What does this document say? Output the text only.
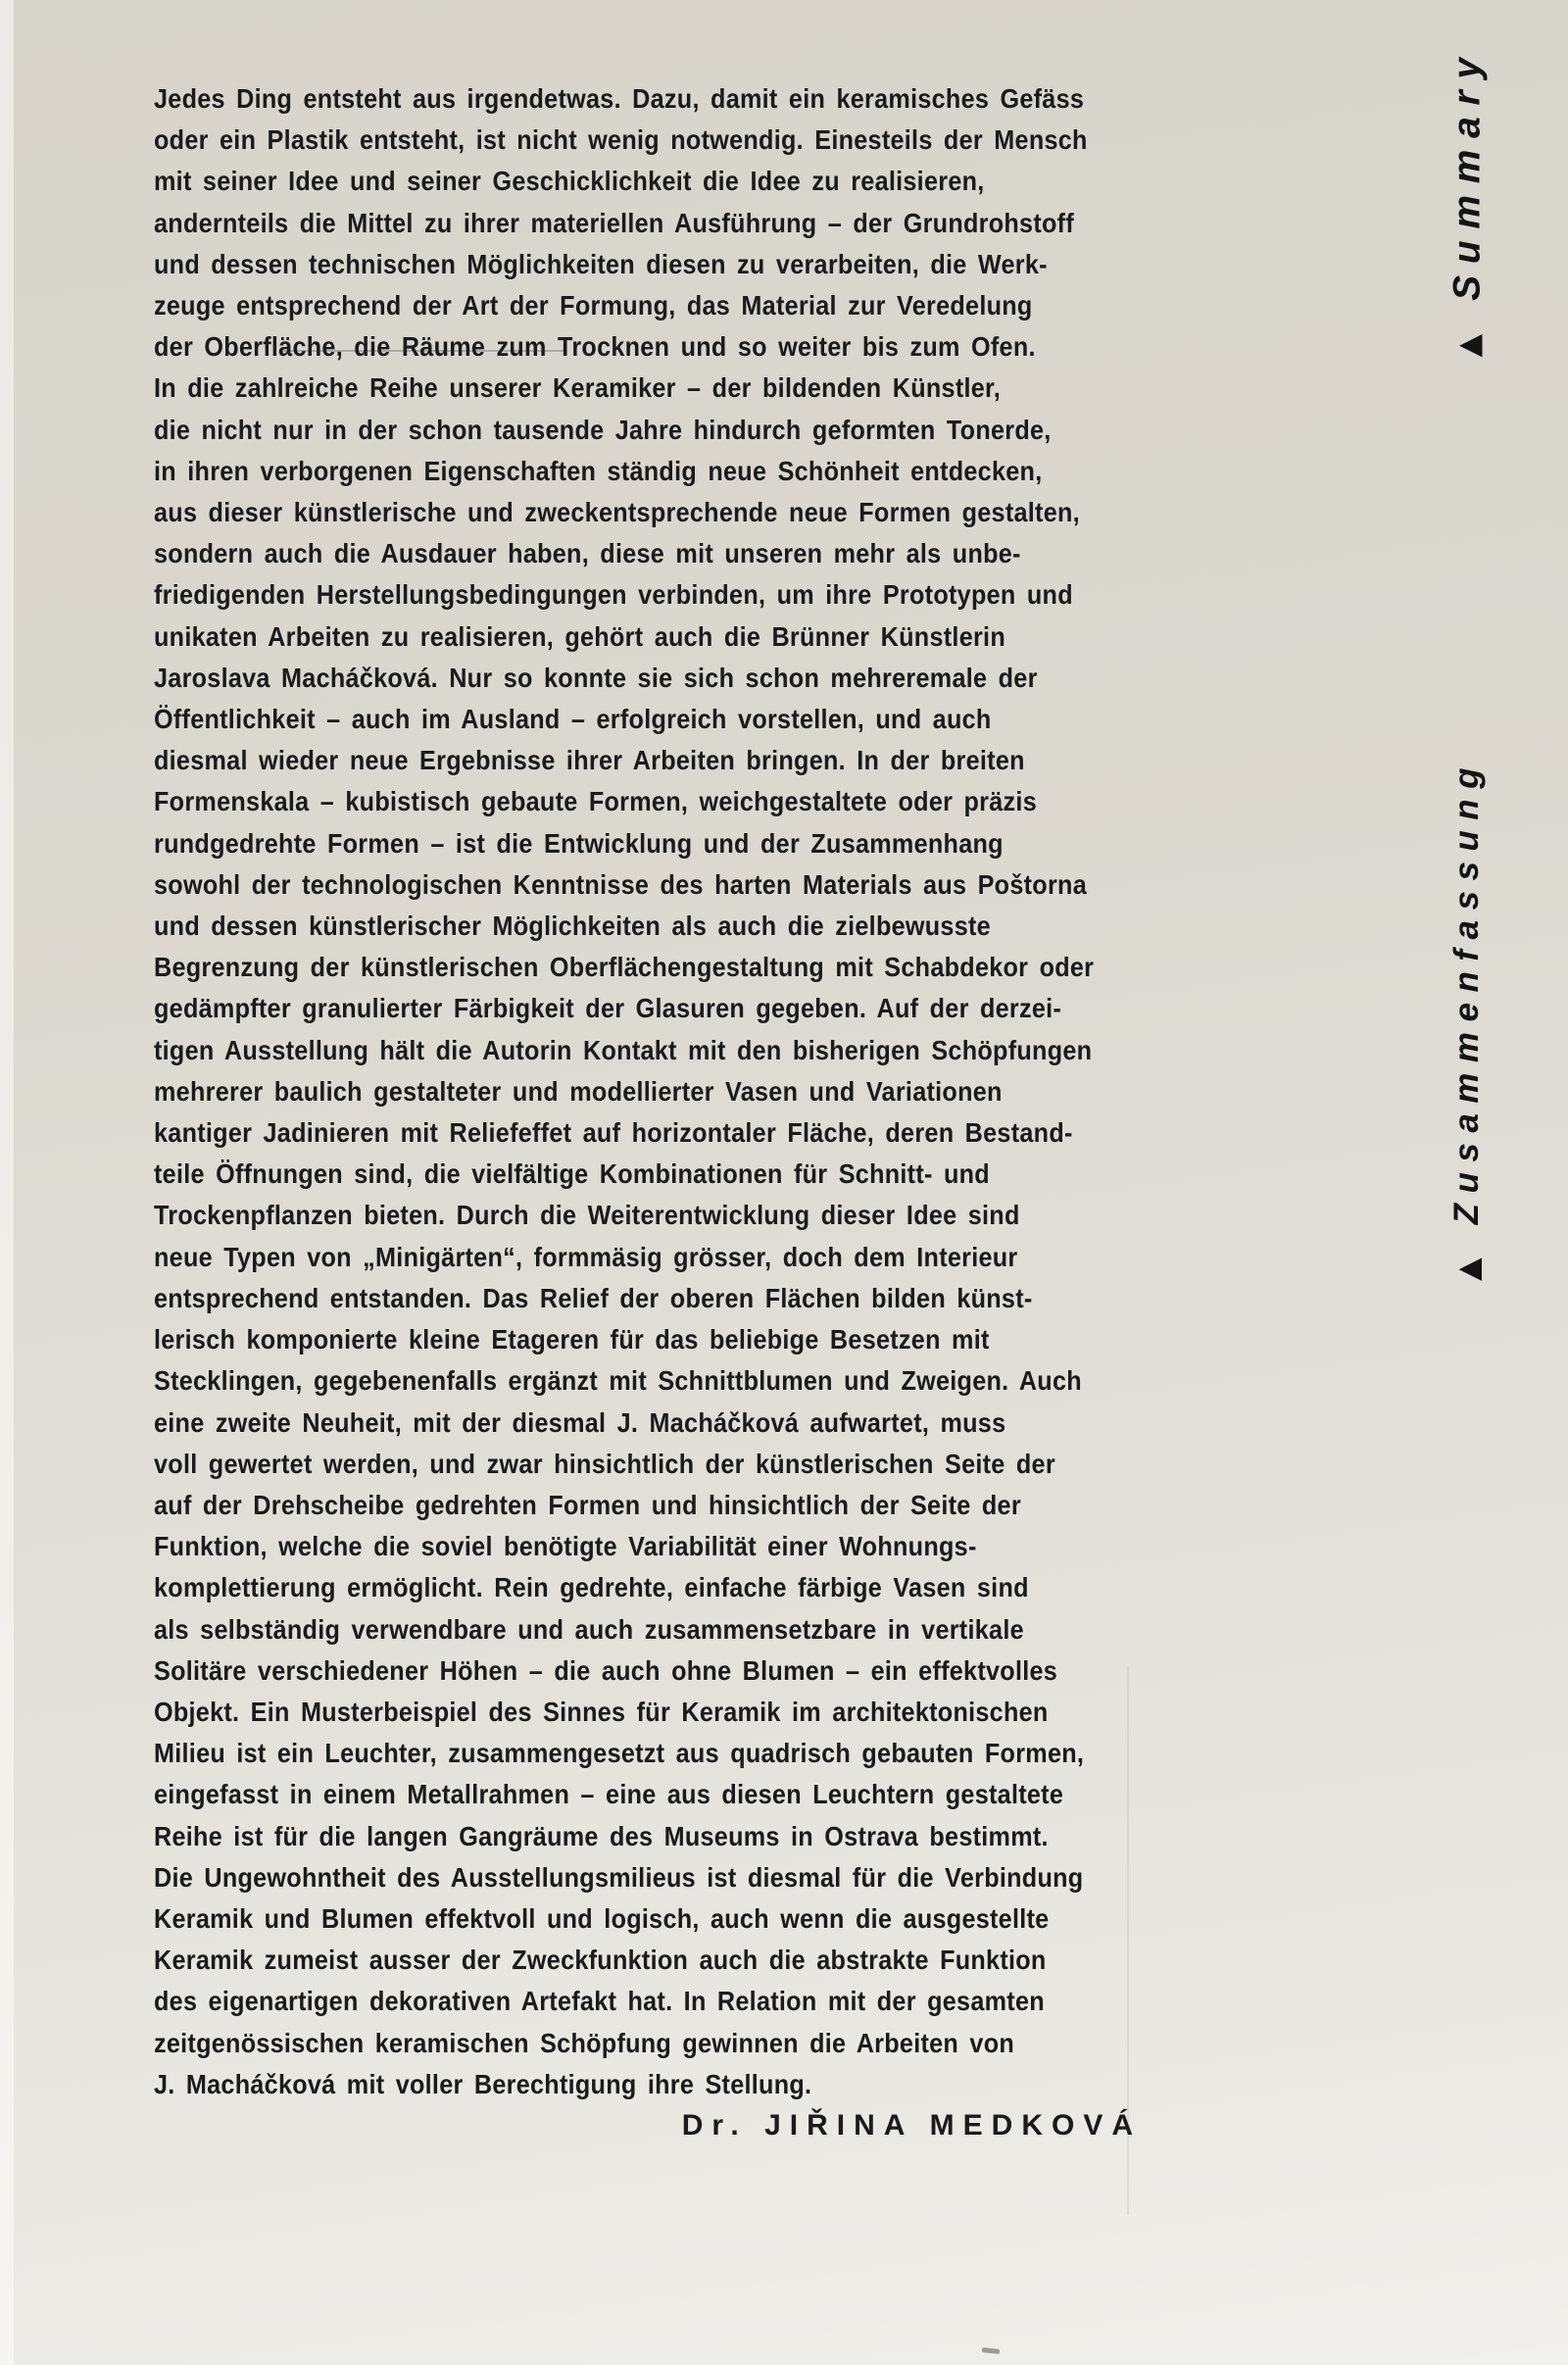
Jedes Ding entsteht aus irgendetwas. Dazu, damit ein keramisches Gefäss
oder ein Plastik entsteht, ist nicht wenig notwendig. Einesteils der Mensch
mit seiner Idee und seiner Geschicklichkeit die Idee zu realisieren,
andernteils die Mittel zu ihrer materiellen Ausführung – der Grundrohstoff
und dessen technischen Möglichkeiten diesen zu verarbeiten, die Werk-
zeuge entsprechend der Art der Formung, das Material zur Veredelung
der Oberfläche, die Räume zum Trocknen und so weiter bis zum Ofen.
In die zahlreiche Reihe unserer Keramiker – der bildenden Künstler,
die nicht nur in der schon tausende Jahre hindurch geformten Tonerde,
in ihren verborgenen Eigenschaften ständig neue Schönheit entdecken,
aus dieser künstlerische und zweckentsprechende neue Formen gestalten,
sondern auch die Ausdauer haben, diese mit unseren mehr als unbe-
friedigenden Herstellungsbedingungen verbinden, um ihre Prototypen und
unikaten Arbeiten zu realisieren, gehört auch die Brünner Künstlerin
Jaroslava Macháčková. Nur so konnte sie sich schon mehreremale der
Öffentlichkeit – auch im Ausland – erfolgreich vorstellen, und auch
diesmal wieder neue Ergebnisse ihrer Arbeiten bringen. In der breiten
Formenskala – kubistisch gebaute Formen, weichgestaltete oder präzis
rundgedrehte Formen – ist die Entwicklung und der Zusammenhang
sowohl der technologischen Kenntnisse des harten Materials aus Poštorna
und dessen künstlerischer Möglichkeiten als auch die zielbewusste
Begrenzung der künstlerischen Oberflächengestaltung mit Schabdekor oder
gedämpfter granulierter Färbigkeit der Glasuren gegeben. Auf der derzei-
tigen Ausstellung hält die Autorin Kontakt mit den bisherigen Schöpfungen
mehrerer baulich gestalteter und modellierter Vasen und Variationen
kantiger Jadinieren mit Reliefeffet auf horizontaler Fläche, deren Bestand-
teile Öffnungen sind, die vielfältige Kombinationen für Schnitt- und
Trockenpflanzen bieten. Durch die Weiterentwicklung dieser Idee sind
neue Typen von „Minigärten“, formmäsig grösser, doch dem Interieur
entsprechend entstanden. Das Relief der oberen Flächen bilden künst-
lerisch komponierte kleine Etageren für das beliebige Besetzen mit
Stecklingen, gegebenenfalls ergänzt mit Schnittblumen und Zweigen. Auch
eine zweite Neuheit, mit der diesmal J. Macháčková aufwartet, muss
voll gewertet werden, und zwar hinsichtlich der künstlerischen Seite der
auf der Drehscheibe gedrehten Formen und hinsichtlich der Seite der
Funktion, welche die soviel benötigte Variabilität einer Wohnungs-
komplettierung ermöglicht. Rein gedrehte, einfache färbige Vasen sind
als selbständig verwendbare und auch zusammensetzbare in vertikale
Solitäre verschiedener Höhen – die auch ohne Blumen – ein effektvolles
Objekt. Ein Musterbeispiel des Sinnes für Keramik im architektonischen
Milieu ist ein Leuchter, zusammengesetzt aus quadrisch gebauten Formen,
eingefasst in einem Metallrahmen – eine aus diesen Leuchtern gestaltete
Reihe ist für die langen Gangräume des Museums in Ostrava bestimmt.
Die Ungewohntheit des Ausstellungsmilieus ist diesmal für die Verbindung
Keramik und Blumen effektvoll und logisch, auch wenn die ausgestellte
Keramik zumeist ausser der Zweckfunktion auch die abstrakte Funktion
des eigenartigen dekorativen Artefakt hat. In Relation mit der gesamten
zeitgenössischen keramischen Schöpfung gewinnen die Arbeiten von
J. Macháčková mit voller Berechtigung ihre Stellung.
Dr. JIŘINA MEDKOVÁ
▲
Summary
▲
Zusammenfassung
